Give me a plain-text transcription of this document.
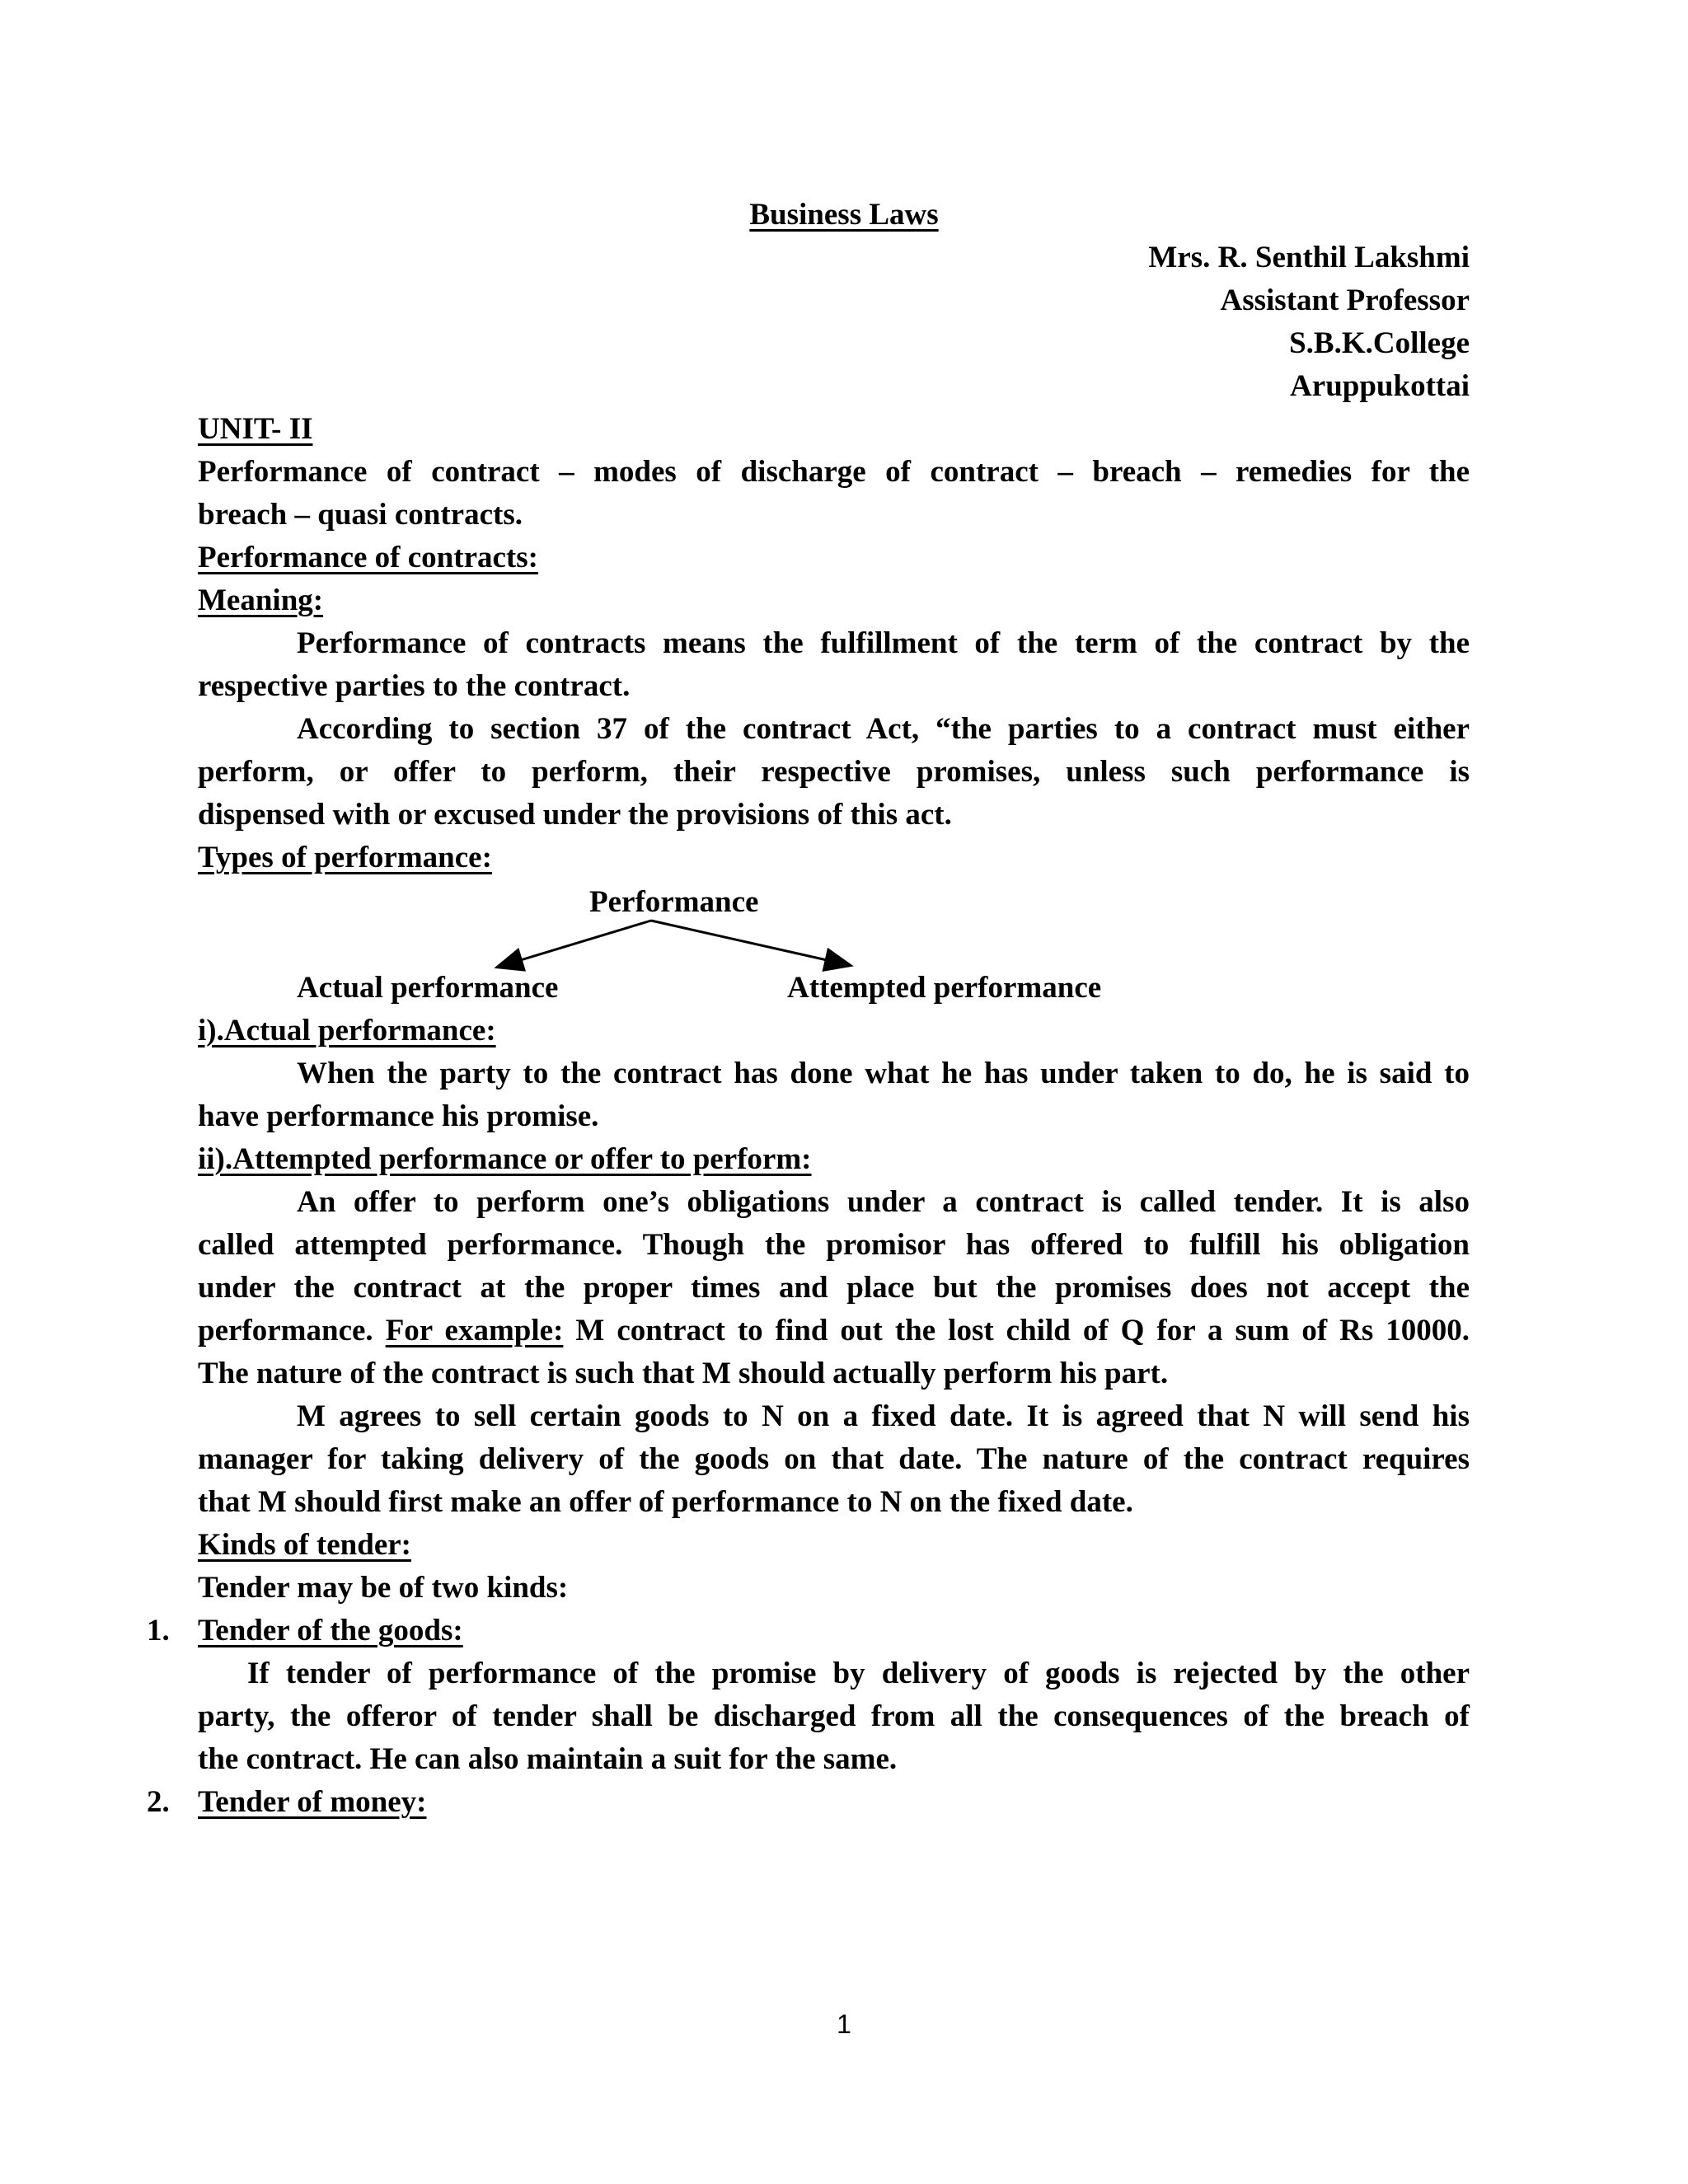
Business Laws
Mrs. R. Senthil Lakshmi
Assistant Professor
S.B.K.College
Aruppukottai
UNIT- II
Performance of contract – modes of discharge of contract – breach – remedies for the
breach – quasi contracts.
Performance of contracts:
Meaning:
Performance of contracts means the fulfillment of the term of the contract by the
respective parties to the contract.
According to section 37 of the contract Act, “the parties to a contract must either
perform, or offer to perform, their respective promises, unless such performance is
dispensed with or excused under the provisions of this act.
Types of performance:
Performance
Actual performance	Attempted performance
i).Actual performance:
When the party to the contract has done what he has under taken to do, he is said to
have performance his promise.
ii).Attempted performance or offer to perform:
An offer to perform one’s obligations under a contract is called tender. It is also
called attempted performance. Though the promisor has offered to fulfill his obligation
under the contract at the proper times and place but the promises does not accept the
performance. For example: M contract to find out the lost child of Q for a sum of Rs 10000.
The nature of the contract is such that M should actually perform his part.
M agrees to sell certain goods to N on a fixed date. It is agreed that N will send his
manager for taking delivery of the goods on that date. The nature of the contract requires
that M should first make an offer of performance to N on the fixed date.
Kinds of tender:
Tender may be of two kinds:
1. Tender of the goods:
If tender of performance of the promise by delivery of goods is rejected by the other
party, the offeror of tender shall be discharged from all the consequences of the breach of
the contract. He can also maintain a suit for the same.
2. Tender of money:
1
